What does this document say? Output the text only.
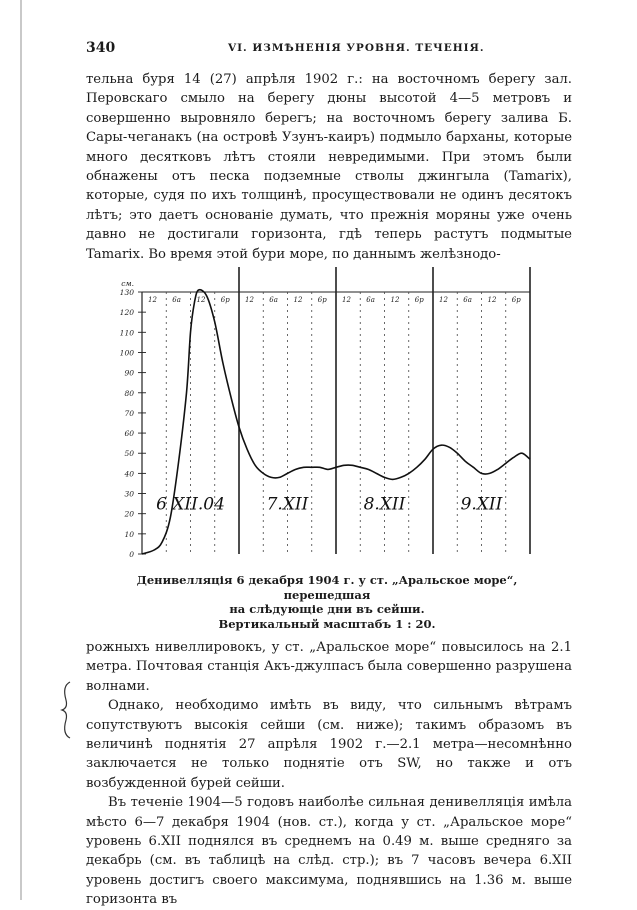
340	VI. ИЗМѢНЕНІЯ УРОВНЯ. ТЕЧЕНІЯ.

тельна буря 14 (27) апрѣля 1902 г.: на восточномъ берегу зал. Перовскаго смыло на берегу дюны высотой 4—5 метровъ и совершенно выровняло берегъ; на восточномъ берегу залива Б. Сары-чеганакъ (на островѣ Узунъ-каиръ) подмыло барханы, которые много десятковъ лѣтъ стояли невредимыми. При этомъ были обнажены отъ песка подземные стволы джингыла (Tamarix), которые, судя по ихъ толщинѣ, просуществовали не одинъ десятокъ лѣтъ; это даетъ основаніе думать, что прежнія моряны уже очень давно не достигали горизонта, гдѣ теперь растутъ подмытые Tamarix. Во время этой бури море, по даннымъ желѣзнодо-

12 6а 12 6р 12 6а 12 6р 12 6а 12 6р 12 6а 12 6р
0
10
20
30
40
50
60
70
80
90
100
110
120
130
см.
6 XII.04 7.XII	8.XII	9.XII
Денивелляція 6 декабря 1904 г. у ст. „Аральское море“, перешедшая
на слѣдующіе дни въ сейши.
Вертикальный масштабъ 1 : 20.

рожныхъ нивеллировокъ, у ст. „Аральское море“ повысилось на 2.1 метра. Почтовая станція Акъ-джулпасъ была совершенно разрушена волнами.

Однако, необходимо имѣть въ виду, что сильнымъ вѣтрамъ сопутствуютъ высокія сейши (см. ниже); такимъ образомъ въ величинѣ поднятія 27 апрѣля 1902 г.—2.1 метра—несомнѣнно заключается не только поднятіе отъ SW, но также и отъ возбужденной бурей сейши.

Въ теченіе 1904—5 годовъ наиболѣе сильная денивелляція имѣла мѣсто 6—7 декабря 1904 (нов. ст.), когда у ст. „Аральское море“ уровень 6.XII поднялся въ среднемъ на 0.49 м. выше средняго за декабрь (см. въ таблицѣ на слѣд. стр.); въ 7 часовъ вечера 6.XII уровень достигъ своего максимума, поднявшись на 1.36 м. выше горизонта въ
